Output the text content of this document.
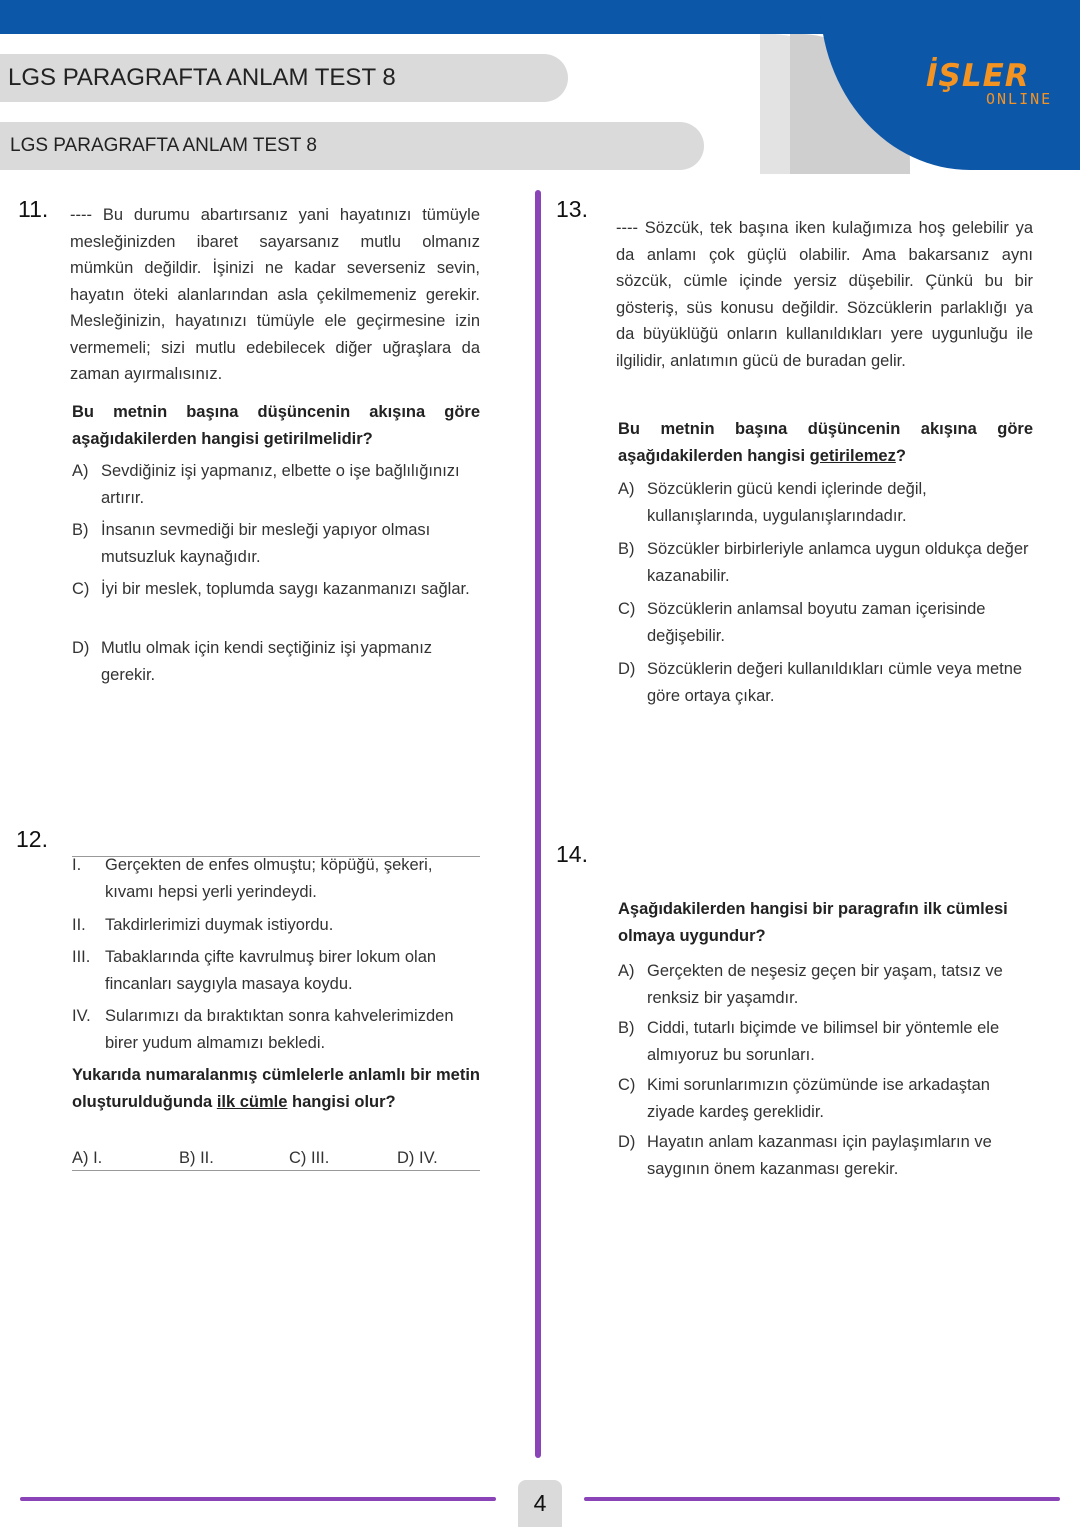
LGS PARAGRAFTA ANLAM TEST 8
LGS PARAGRAFTA ANLAM TEST 8
İŞLER
ONLINE
11. ---- Bu durumu abartırsanız yani hayatınızı tümüyle mesleğinizden ibaret sayarsanız mutlu olmanız mümkün değildir. İşinizi ne kadar severseniz sevin, hayatın öteki alanlarından asla çekilmemeniz gerekir. Mesleğinizin, hayatınızı tümüyle ele geçirmesine izin vermemeli; sizi mutlu edebilecek diğer uğraşlara da zaman ayırmalısınız.
Bu metnin başına düşüncenin akışına göre aşağıdakilerden hangisi getirilmelidir?
A) Sevdiğiniz işi yapmanız, elbette o işe bağlılığınızı artırır.
B) İnsanın sevmediği bir mesleği yapıyor olması mutsuzluk kaynağıdır.
C) İyi bir meslek, toplumda saygı kazanmanızı sağlar.
D) Mutlu olmak için kendi seçtiğiniz işi yapmanız gerekir.
12.
I. Gerçekten de enfes olmuştu; köpüğü, şekeri, kıvamı hepsi yerli yerindeydi.
II. Takdirlerimizi duymak istiyordu.
III. Tabaklarında çifte kavrulmuş birer lokum olan fincanları saygıyla masaya koydu.
IV. Sularımızı da bıraktıktan sonra kahvelerimizden birer yudum almamızı bekledi.
Yukarıda numaralanmış cümlelerle anlamlı bir metin oluşturulduğunda ilk cümle hangisi olur?
A) I.	B) II.	C) III.	D) IV.
13.
---- Sözcük, tek başına iken kulağımıza hoş gelebilir ya da anlamı çok güçlü olabilir. Ama bakarsanız aynı sözcük, cümle içinde yersiz düşebilir. Çünkü bu bir gösteriş, süs konusu değildir. Sözcüklerin parlaklığı ya da büyüklüğü onların kullanıldıkları yere uygunluğu ile ilgilidir, anlatımın gücü de buradan gelir.
Bu metnin başına düşüncenin akışına göre aşağıdakilerden hangisi getirilemez?
A) Sözcüklerin gücü kendi içlerinde değil, kullanışlarında, uygulanışlarındadır.
B) Sözcükler birbirleriyle anlamca uygun oldukça değer kazanabilir.
C) Sözcüklerin anlamsal boyutu zaman içerisinde değişebilir.
D) Sözcüklerin değeri kullanıldıkları cümle veya metne göre ortaya çıkar.
14.
Aşağıdakilerden hangisi bir paragrafın ilk cümlesi olmaya uygundur?
A) Gerçekten de neşesiz geçen bir yaşam, tatsız ve renksiz bir yaşamdır.
B) Ciddi, tutarlı biçimde ve bilimsel bir yöntemle ele almıyoruz bu sorunları.
C) Kimi sorunlarımızın çözümünde ise arkadaştan ziyade kardeş gereklidir.
D) Hayatın anlam kazanması için paylaşımların ve saygının önem kazanması gerekir.
4
